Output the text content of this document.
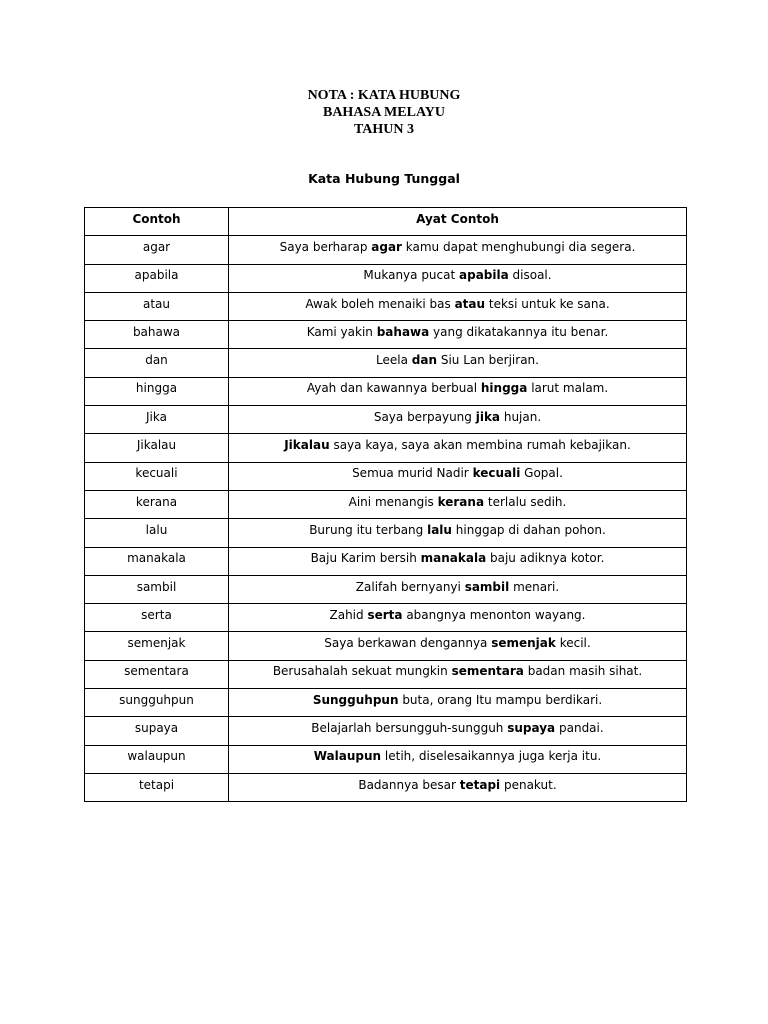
NOTA : KATA HUBUNG
BAHASA MELAYU
TAHUN 3
Kata Hubung Tunggal
Contoh	Ayat Contoh
agar	Saya berharap agar kamu dapat menghubungi dia segera.
apabila	Mukanya pucat apabila disoal.
atau	Awak boleh menaiki bas atau teksi untuk ke sana.
bahawa	Kami yakin bahawa yang dikatakannya itu benar.
dan	Leela dan Siu Lan berjiran.
hingga	Ayah dan kawannya berbual hingga larut malam.
Jika	Saya berpayung jika hujan.
Jikalau	Jikalau saya kaya, saya akan membina rumah kebajikan.
kecuali	Semua murid Nadir kecuali Gopal.
kerana	Aini menangis kerana terlalu sedih.
lalu	Burung itu terbang lalu hinggap di dahan pohon.
manakala	Baju Karim bersih manakala baju adiknya kotor.
sambil	Zalifah bernyanyi sambil menari.
serta	Zahid serta abangnya menonton wayang.
semenjak	Saya berkawan dengannya semenjak kecil.
sementara	Berusahalah sekuat mungkin sementara badan masih sihat.
sungguhpun	Sungguhpun buta, orang Itu mampu berdikari.
supaya	Belajarlah bersungguh-sungguh supaya pandai.
walaupun	Walaupun letih, diselesaikannya juga kerja itu.
tetapi	Badannya besar tetapi penakut.
